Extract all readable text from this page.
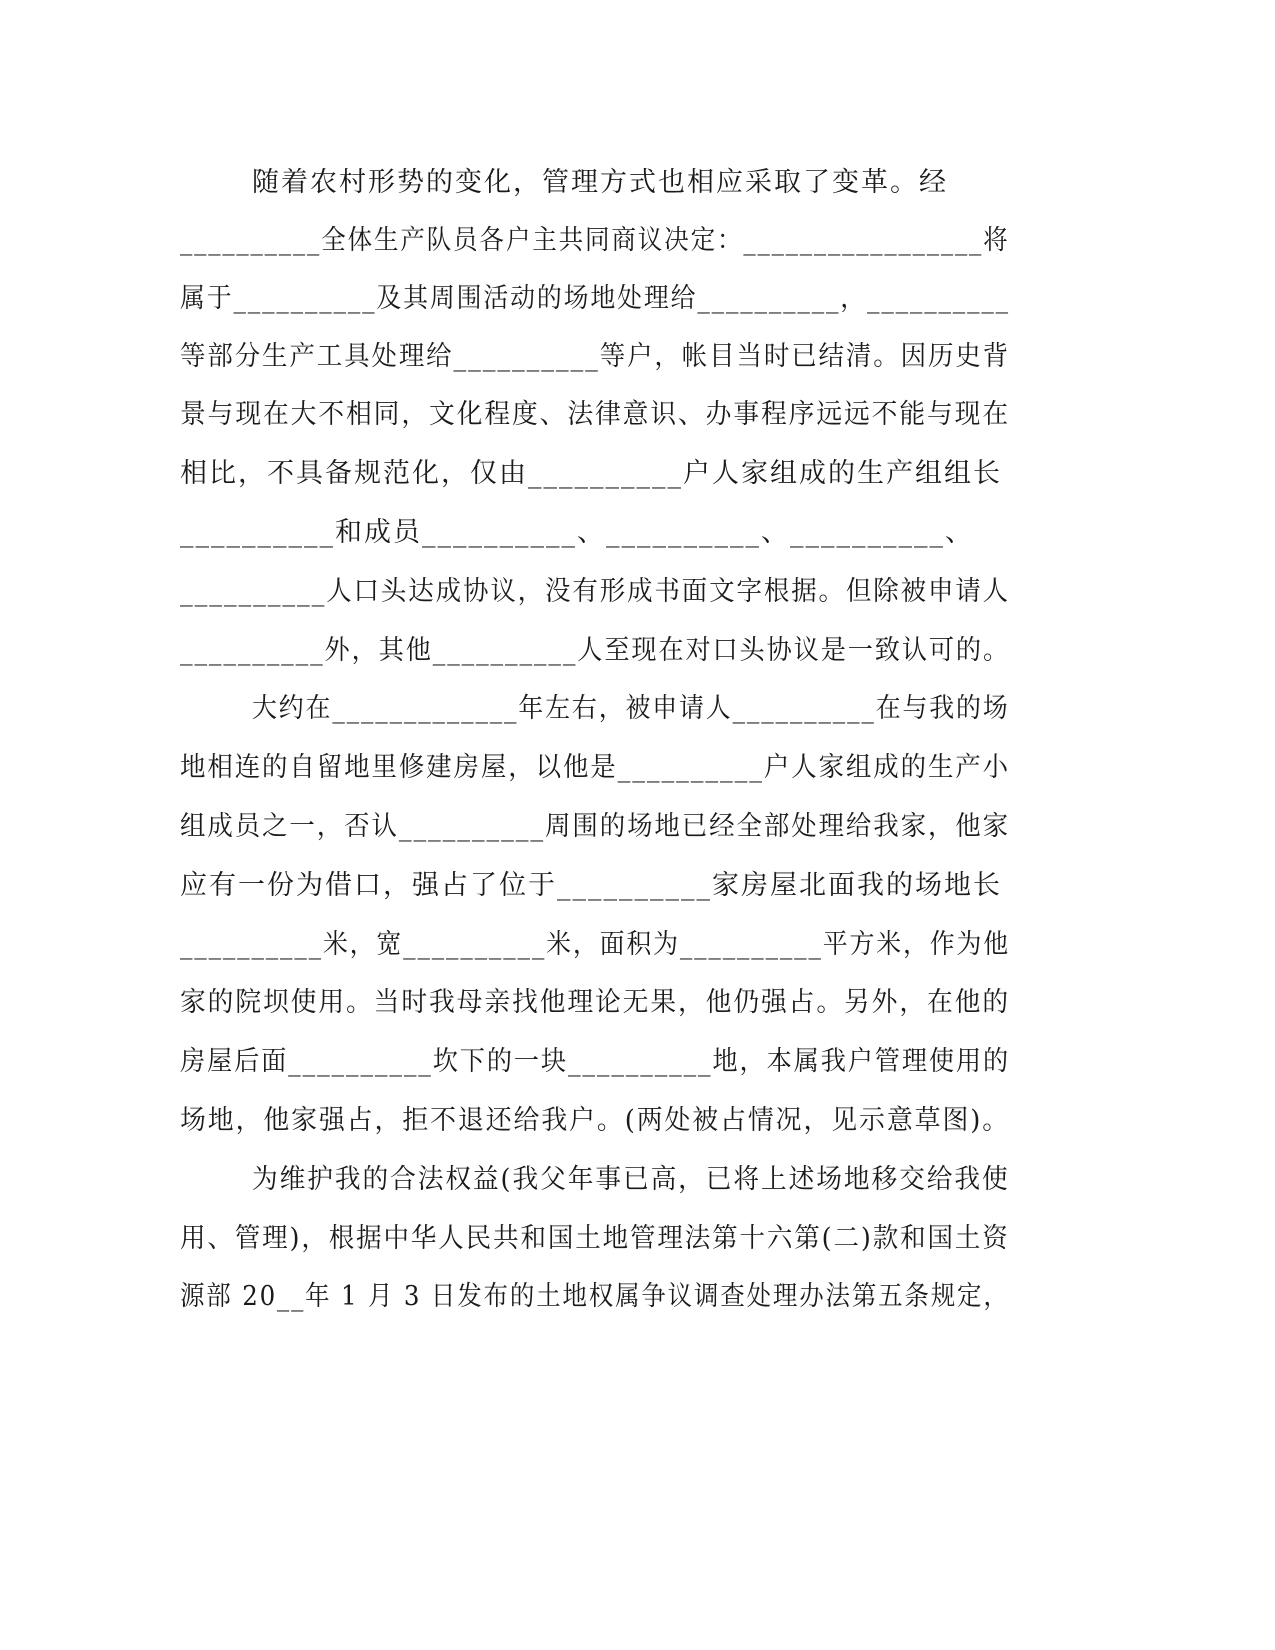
随着农村形势的变化，管理方式也相应采取了变革。经
__________全体生产队员各户主共同商议决定：_________________将
属于__________及其周围活动的场地处理给__________，__________
等部分生产工具处理给__________等户，帐目当时已结清。因历史背
景与现在大不相同，文化程度、法律意识、办事程序远远不能与现在
相比，不具备规范化，仅由__________户人家组成的生产组组长
__________和成员__________、__________、__________、
__________人口头达成协议，没有形成书面文字根据。但除被申请人
__________外，其他__________人至现在对口头协议是一致认可的。
大约在_____________年左右，被申请人__________在与我的场
地相连的自留地里修建房屋，以他是__________户人家组成的生产小
组成员之一，否认__________周围的场地已经全部处理给我家，他家
应有一份为借口，强占了位于__________家房屋北面我的场地长
__________米，宽__________米，面积为__________平方米，作为他
家的院坝使用。当时我母亲找他理论无果，他仍强占。另外，在他的
房屋后面__________坎下的一块__________地，本属我户管理使用的
场地，他家强占，拒不退还给我户。(两处被占情况，见示意草图)。
为维护我的合法权益(我父年事已高，已将上述场地移交给我使
用、管理)，根据中华人民共和国土地管理法第十六第(二)款和国土资
源部 20__年 1 月 3 日发布的土地权属争议调查处理办法第五条规定，
